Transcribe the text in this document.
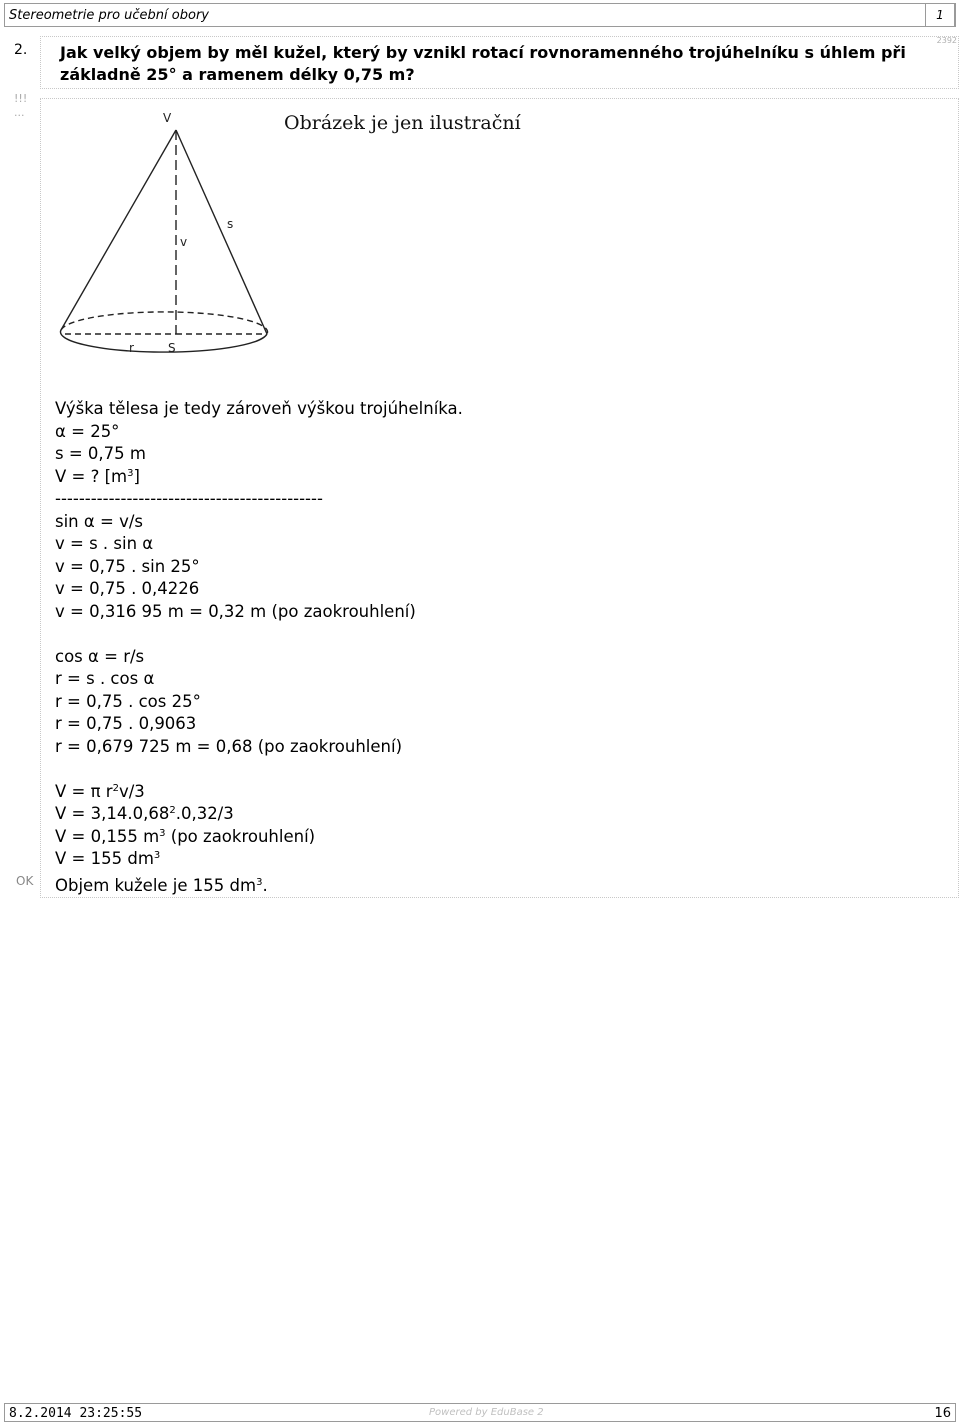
Stereometrie pro učební obory	1
2. Jak velký objem by měl kužel, který by vznikl rotací rovnoramenného trojúhelníku s úhlem při základně 25° a ramenem délky 0,75 m?
2392
!!!
...	V
v
s
r	S
Obrázek je jen ilustrační
Výška tělesa je tedy zároveň výškou trojúhelníka.
α = 25°
s = 0,75 m
V = ? $[m^3]$
---------------------------------------------
sin α = v/s
v = s . sin α
v = 0,75 . sin 25°
v = 0,75 . 0,4226
v = 0,316 95 m = 0,32 m (po zaokrouhlení)
cos α = r/s
r = s . cos α
r = 0,75 . cos 25°
r = 0,75 . 0,9063
r = 0,679 725 m = 0,68 (po zaokrouhlení)
V = π $r^2v/3$
$V = 3,14.0,68^2.0,32/3$
V = 0,155 $m^3$ (po zaokrouhlení)
V = 155 $dm^3$
Objem kužele je 155 $dm^3$.
OK
8.2.2014 23:25:55	Powered by EduBase 2	16
